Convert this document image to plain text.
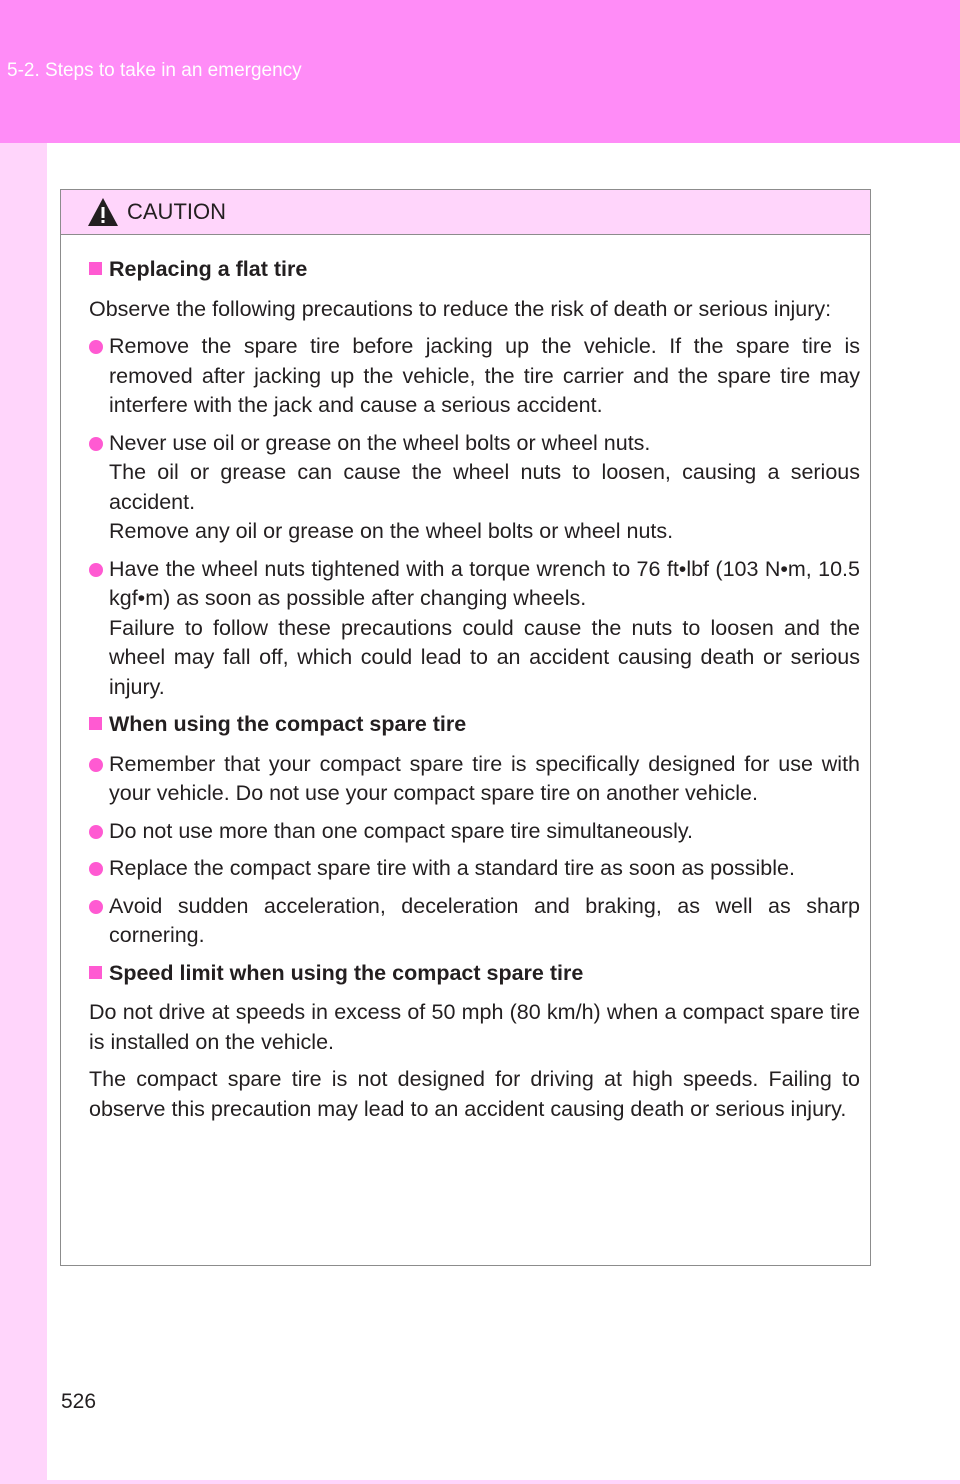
5-2. Steps to take in an emergency
CAUTION
Replacing a flat tire
Observe the following precautions to reduce the risk of death or serious injury:
Remove the spare tire before jacking up the vehicle. If the spare tire is removed after jacking up the vehicle, the tire carrier and the spare tire may interfere with the jack and cause a serious accident.
Never use oil or grease on the wheel bolts or wheel nuts.
The oil or grease can cause the wheel nuts to loosen, causing a serious accident.
Remove any oil or grease on the wheel bolts or wheel nuts.
Have the wheel nuts tightened with a torque wrench to 76 ft•lbf (103 N•m, 10.5 kgf•m) as soon as possible after changing wheels.
Failure to follow these precautions could cause the nuts to loosen and the wheel may fall off, which could lead to an accident causing death or serious injury.
When using the compact spare tire
Remember that your compact spare tire is specifically designed for use with your vehicle. Do not use your compact spare tire on another vehicle.
Do not use more than one compact spare tire simultaneously.
Replace the compact spare tire with a standard tire as soon as possible.
Avoid sudden acceleration, deceleration and braking, as well as sharp cornering.
Speed limit when using the compact spare tire
Do not drive at speeds in excess of 50 mph (80 km/h) when a compact spare tire is installed on the vehicle.
The compact spare tire is not designed for driving at high speeds. Failing to observe this precaution may lead to an accident causing death or serious injury.
526
